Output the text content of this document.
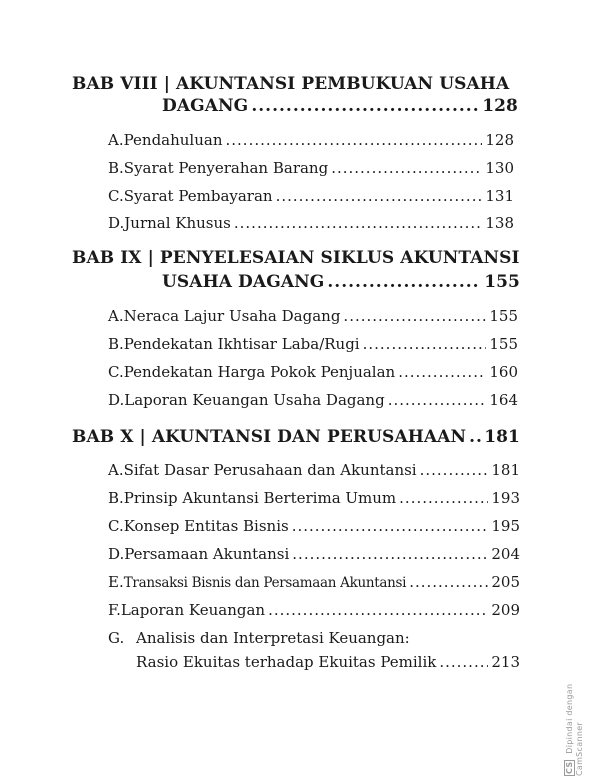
BAB VIII | AKUNTANSI PEMBUKUAN USAHA
DAGANG .....	128
A. Pendahuluan .....	128
B. Syarat Penyerahan Barang .....	130
C. Syarat Pembayaran .....	131
D. Jurnal Khusus .....	138
BAB IX | PENYELESAIAN SIKLUS AKUNTANSI
USAHA DAGANG .....	155
A. Neraca Lajur Usaha Dagang .....	155
B. Pendekatan Ikhtisar Laba/Rugi .....	155
C. Pendekatan Harga Pokok Penjualan .....	160
D. Laporan Keuangan Usaha Dagang .....	164
BAB X | AKUNTANSI DAN PERUSAHAAN ..... 181
A. Sifat Dasar Perusahaan dan Akuntansi .....	181
B. Prinsip Akuntansi Berterima Umum .....	193
C. Konsep Entitas Bisnis .....	195
D. Persamaan Akuntansi .....	204
E. Transaksi Bisnis dan Persamaan Akuntansi .....	205
F. Laporan Keuangan .....	209
G. Analisis dan Interpretasi Keuangan:
Rasio Ekuitas terhadap Ekuitas Pemilik .....	213
CS Dipindai dengan CamScanner
